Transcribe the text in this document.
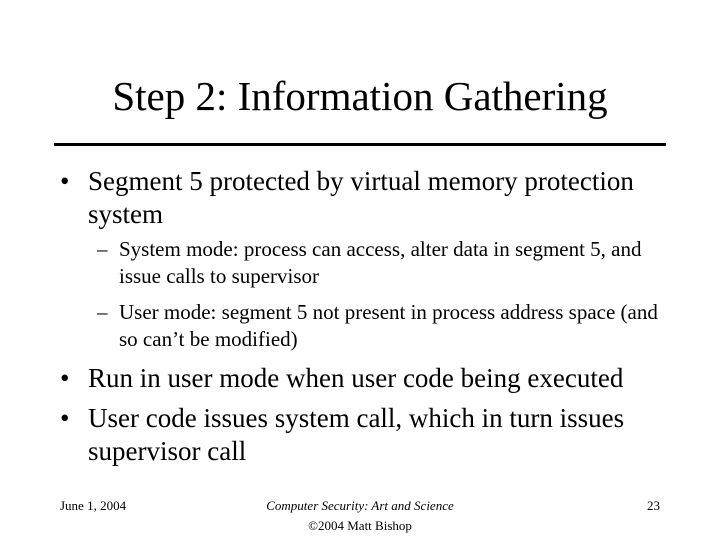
Step 2: Information Gathering
• Segment 5 protected by virtual memory protection system
– System mode: process can access, alter data in segment 5, and issue calls to supervisor
– User mode: segment 5 not present in process address space (and so can’t be modified)
• Run in user mode when user code being executed
• User code issues system call, which in turn issues supervisor call
June 1, 2004	Computer Security: Art and Science
©2004 Matt Bishop
23
